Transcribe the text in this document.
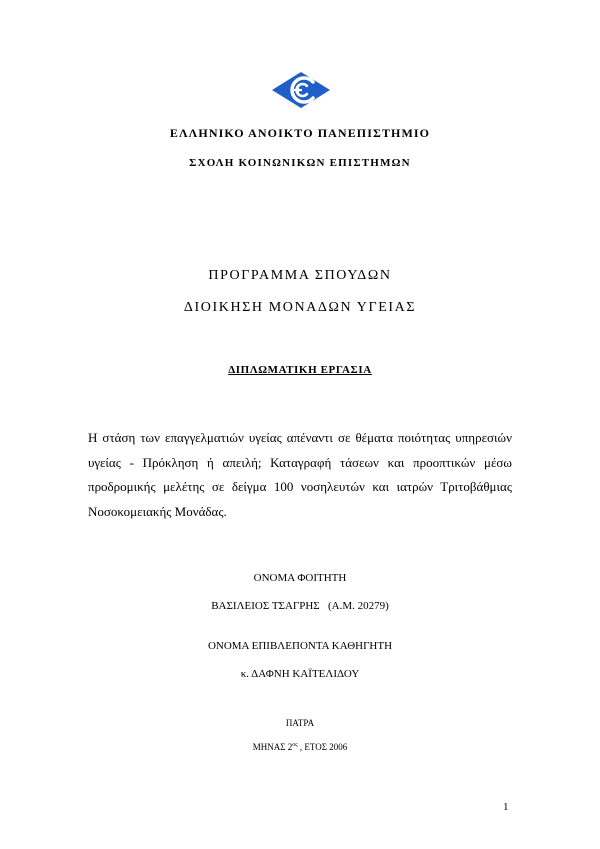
ΕΛΛΗΝΙΚΟ ΑΝΟΙΚΤΟ ΠΑΝΕΠΙΣΤΗΜΙΟ
ΣΧΟΛΗ ΚΟΙΝΩΝΙΚΩΝ ΕΠΙΣΤΗΜΩΝ
ΠΡΟΓΡΑΜΜΑ ΣΠΟΥΔΩΝ
ΔΙΟΙΚΗΣΗ ΜΟΝΑΔΩΝ ΥΓΕΙΑΣ
ΔΙΠΛΩΜΑΤΙΚΗ ΕΡΓΑΣΙΑ
Η στάση των επαγγελματιών υγείας απέναντι σε θέματα ποιότητας υπηρεσιών υγείας - Πρόκληση ή απειλή; Καταγραφή τάσεων και προοπτικών μέσω προδρομικής μελέτης σε δείγμα 100 νοσηλευτών και ιατρών Τριτοβάθμιας Νοσοκομειακής Μονάδας.
ΟΝΟΜΑ ΦΟΙΤΗΤΗ
ΒΑΣΙΛΕΙΟΣ ΤΣΑΓΡΗΣ   (Α.Μ. 20279)
ΟΝΟΜΑ ΕΠΙΒΛΕΠΟΝΤΑ ΚΑΘΗΓΗΤΗ
κ. ΔΑΦΝΗ ΚΑΪΤΕΛΙΔΟΥ
ΠΑΤΡΑ
ΜΗΝΑΣ $2^{o\varsigma}$ , ΕΤΟΣ 2006
1
